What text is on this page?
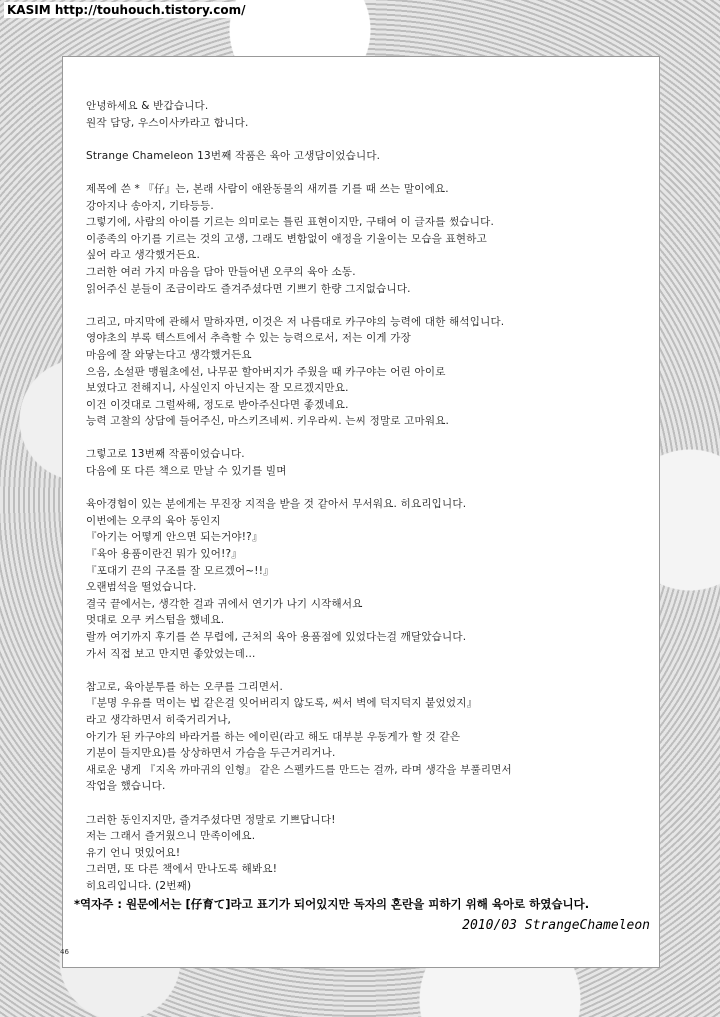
KASIM http://touhouch.tistory.com/
안녕하세요 & 반갑습니다.
원작 담당, 우스이사카라고 합니다.
Strange Chameleon 13번째 작품은 육아 고생담이었습니다.
제목에 쓴 * 『仔』는, 본래 사람이 애완동물의 새끼를 기를 때 쓰는 말이에요.
강아지나 송아지, 기타등등.
그렇기에, 사람의 아이를 기르는 의미로는 틀린 표현이지만, 구태여 이 글자를 썼습니다.
이종족의 아기를 기르는 것의 고생, 그래도 변함없이 애정을 기울이는 모습을 표현하고
싶어 라고 생각했거든요.
그러한 여러 가지 마음을 담아 만들어낸 오쿠의 육아 소동.
읽어주신 분들이 조금이라도 즐겨주셨다면 기쁘기 한량 그지없습니다.
그리고, 마지막에 관해서 말하자면, 이것은 저 나름대로 카구야의 능력에 대한 해석입니다.
영야초의 부록 텍스트에서 추측할 수 있는 능력으로서, 저는 이게 가장
마음에 잘 와닿는다고 생각했거든요
으음, 소설판 맹월초에선, 나무꾼 할아버지가 주웠을 때 카구야는 어린 아이로
보였다고 전해지니, 사실인지 아닌지는 잘 모르겠지만요.
이건 이것대로 그럴싸해, 정도로 받아주신다면 좋겠네요.
능력 고찰의 상담에 들어주신, 마스키즈네씨. 키우라씨. 는씨 정말로 고마워요.
그렇고로 13번째 작품이었습니다.
다음에 또 다른 책으로 만날 수 있기를 빌며
육아경험이 있는 분에게는 무진장 지적을 받을 것 같아서 무서워요. 히요리입니다.
이번에는 오쿠의 육아 동인지
『아기는 어떻게 안으면 되는거야!?』
『육아 용품이란건 뭐가 있어!?』
『포대기 끈의 구조를 잘 모르겠어~!!』
오랜범석을 떨었습니다.
결국 끝에서는, 생각한 걸과 귀에서 연기가 나기 시작해서요
멋대로 오쿠 커스텀을 했네요.
랄까 여기까지 후기를 쓴 무렵에, 근처의 육아 용품점에 있었다는걸 깨달았습니다.
가서 직접 보고 만지면 좋았었는데...
참고로, 육아분투를 하는 오쿠를 그리면서.
『분명 우유를 먹이는 법 같은걸 잊어버리지 않도록, 써서 벽에 덕지덕지 붙었었지』
라고 생각하면서 히죽거리거나,
아기가 된 카구야의 바라거를 하는 에이린(라고 해도 대부분 우동게가 할 것 같은
기분이 들지만요)를 상상하면서 가슴을 두근거리거나.
새로운 냉게 『지옥 까마귀의 인형』 같은 스펠카드를 만드는 걸까, 라며 생각을 부풀리면서
작업을 했습니다.
그러한 동인지지만, 즐겨주셨다면 정말로 기쁘답니다!
저는 그래서 즐거웠으니 만족이에요.
유기 언니 멋있어요!
그러면, 또 다른 책에서 만나도록 해봐요!
히요리입니다. (2번째)
*역자주 : 원문에서는 [仔育て]라고 표기가 되어있지만 독자의 혼란을 피하기 위해 육아로 하였습니다.
2010/03 StrangeChameleon
46
